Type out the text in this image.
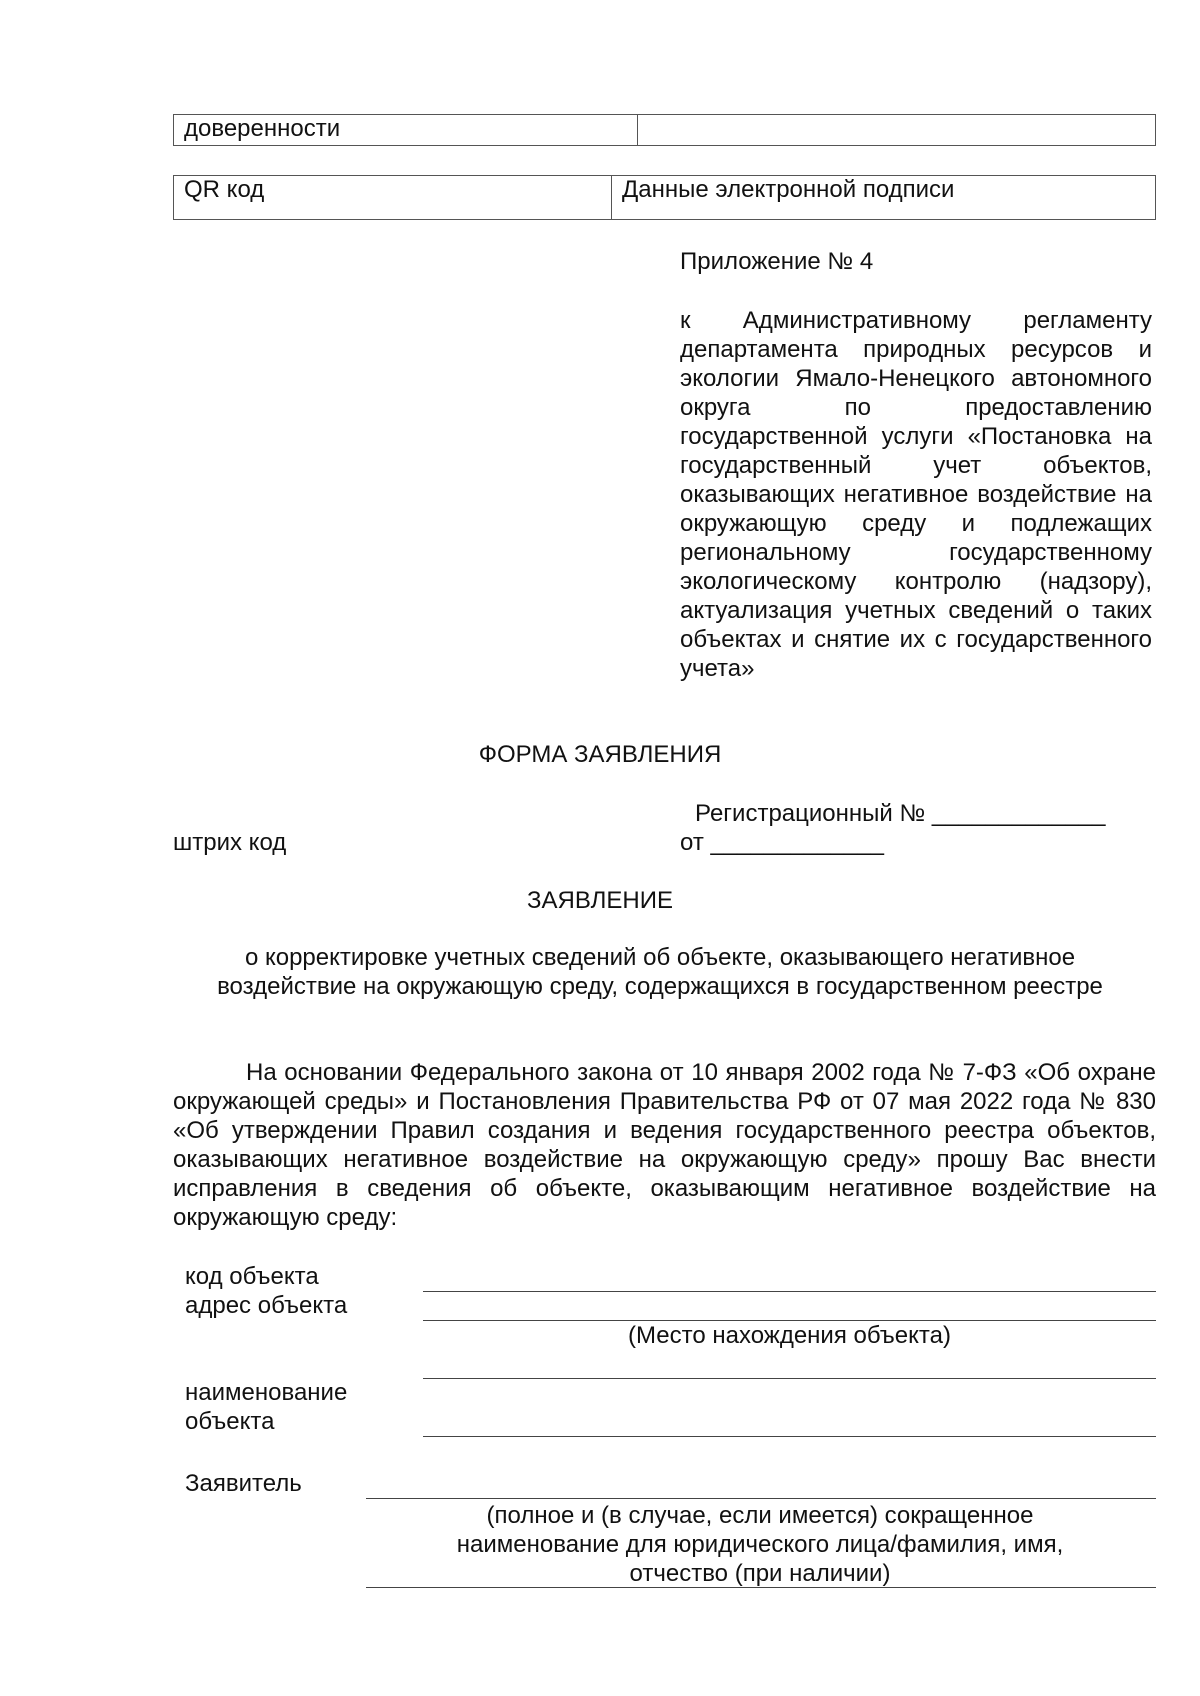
доверенности
QR код	Данные электронной подписи
Приложение № 4
к Административному регламенту департамента природных ресурсов и экологии Ямало-Ненецкого автономного округа по предоставлению государственной услуги «Постановка на государственный учет объектов, оказывающих негативное воздействие на окружающую среду и подлежащих региональному государственному экологическому контролю (надзору), актуализация учетных сведений о таких объектах и снятие их с государственного учета»
ФОРМА ЗАЯВЛЕНИЯ
Регистрационный № _____________
от _____________
штрих код
ЗАЯВЛЕНИЕ
о корректировке учетных сведений об объекте, оказывающего негативное воздействие на окружающую среду, содержащихся в государственном реестре
На основании Федерального закона от 10 января 2002 года № 7-ФЗ «Об охране окружающей среды» и Постановления Правительства РФ от 07 мая 2022 года № 830 «Об утверждении Правил создания и ведения государственного реестра объектов, оказывающих негативное воздействие на окружающую среду» прошу Вас внести исправления в сведения об объекте, оказывающим негативное воздействие на окружающую среду:
код объекта
адрес объекта
(Место нахождения объекта)
наименование
объекта
Заявитель
(полное и (в случае, если имеется) сокращенное наименование для юридического лица/фамилия, имя, отчество (при наличии)
